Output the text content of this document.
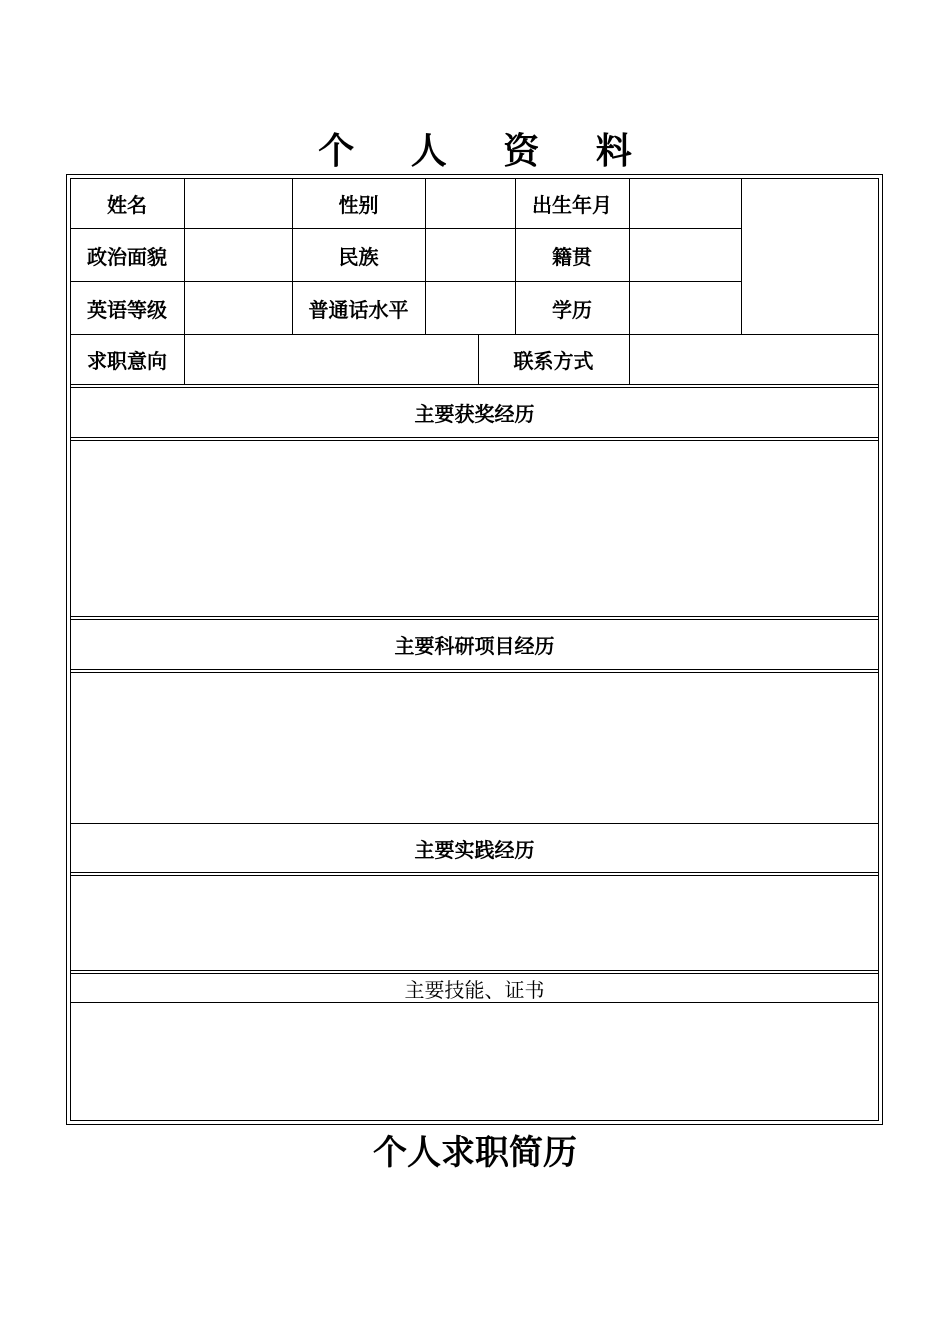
个 人 资 料
姓名	性别	出生年月
政治面貌	民族	籍贯
英语等级	普通话水平	学历
求职意向	联系方式
主要获奖经历
主要科研项目经历
主要实践经历
主要技能、证书
个人求职简历
